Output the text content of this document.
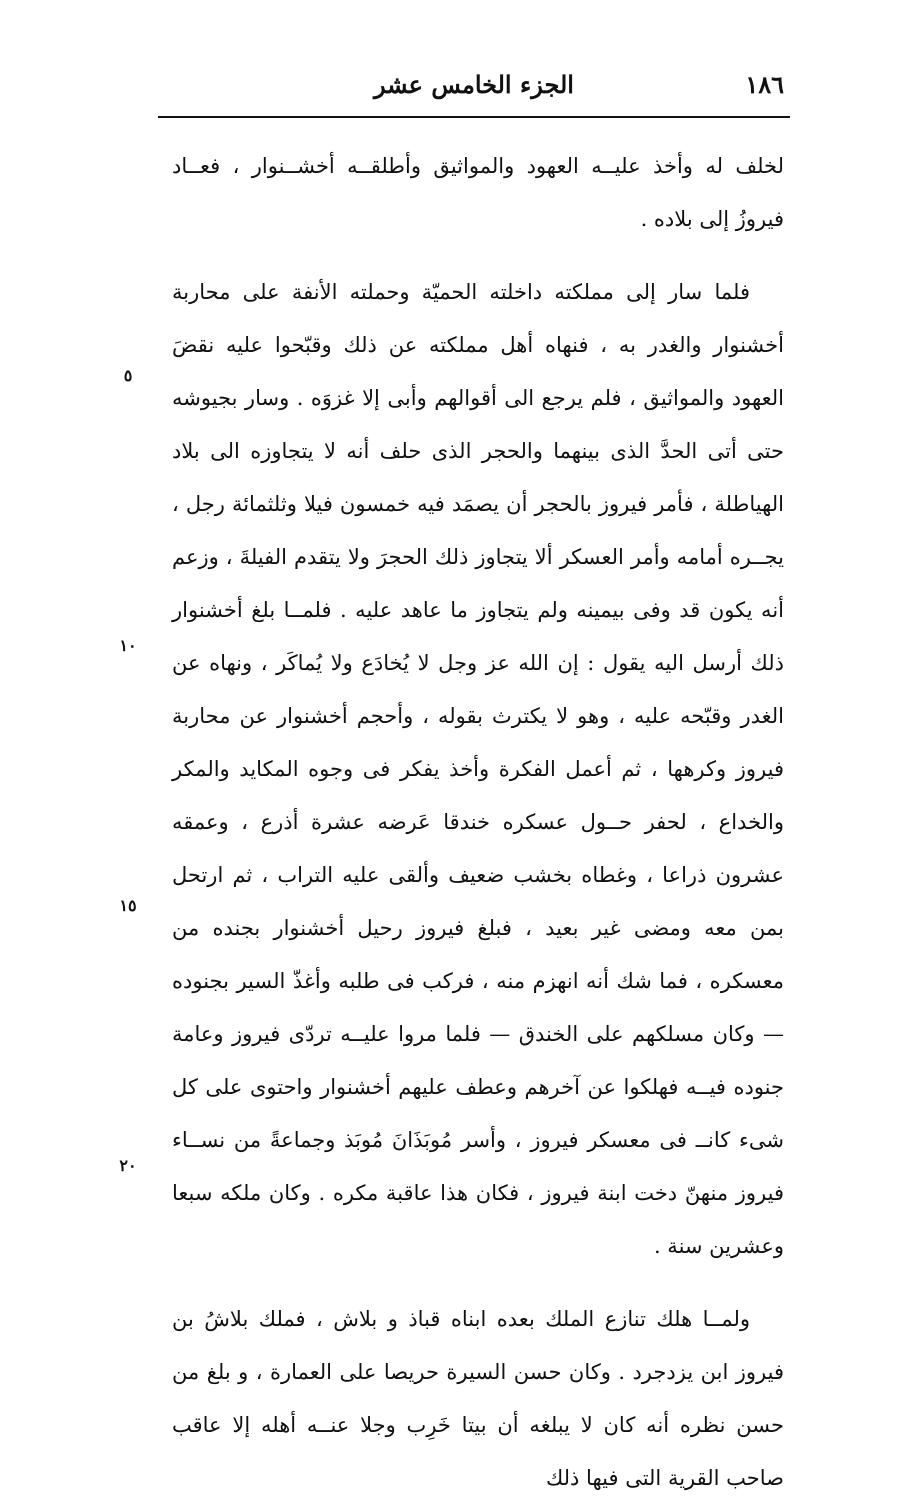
١٨٦
الجزء الخامس عشر

لخلف له وأخذ عليــه العهود والمواثيق وأطلقــه أخشــنوار ، فعــاد فيروزُ إلى بلاده .

فلما سار إلى مملكته داخلته الحميّة وحملته الأنفة على محاربة أخشنوار والغدر به ، فنهاه أهل مملكته عن ذلك وقبّحوا عليه نقضَ العهود والمواثيق ، فلم يرجع الى أقوالهم وأبى إلا غزوَه . وسار بجيوشه حتى أتى الحدَّ الذى بينهما والحجر الذى حلف أنه لا يتجاوزه الى بلاد الهياطلة ، فأمر فيروز بالحجر أن يصمَد فيه خمسون فيلا وثلثمائة رجل ، يجــره أمامه وأمر العسكر ألا يتجاوز ذلك الحجرَ ولا يتقدم الفيلةَ ، وزعم أنه يكون قد وفى بيمينه ولم يتجاوز ما عاهد عليه . فلمــا بلغ أخشنوار ذلك أرسل اليه يقول : إن الله عز وجل لا يُخادَع ولا يُماكَر ، ونهاه عن الغدر وقبّحه عليه ، وهو لا يكترث بقوله ، وأحجم أخشنوار عن محاربة فيروز وكرهها ، ثم أعمل الفكرة وأخذ يفكر فى وجوه المكايد والمكر والخداع ، لحفر حــول عسكره خندقا عَرضه عشرة أذرع ، وعمقه عشرون ذراعا ، وغطاه بخشب ضعيف وألقى عليه التراب ، ثم ارتحل بمن معه ومضى غير بعيد ، فبلغ فيروز رحيل أخشنوار بجنده من معسكره ، فما شك أنه انهزم منه ، فركب فى طلبه وأغذّ السير بجنوده — وكان مسلكهم على الخندق — فلما مروا عليــه تردّى فيروز وعامة جنوده فيــه فهلكوا عن آخرهم وعطف عليهم أخشنوار واحتوى على كل شىء كانــ فى معسكر فيروز ، وأسر مُوبَذَانَ مُوبَذ وجماعةً من نســاء فيروز منهنّ دخت ابنة فيروز ، فكان هذا عاقبة مكره . وكان ملكه سبعا وعشرين سنة .

ولمــا هلك تنازع الملك بعده ابناه قباذ و بلاش ، فملك بلاشُ بن فيروز ابن يزدجرد . وكان حسن السيرة حريصا على العمارة ، و بلغ من حسن نظره أنه كان لا يبلغه أن بيتا خَرِب وجلا عنــه أهله إلا عاقب صاحب القرية التى فيها ذلك

٥
١٠
١٥
٢٠
